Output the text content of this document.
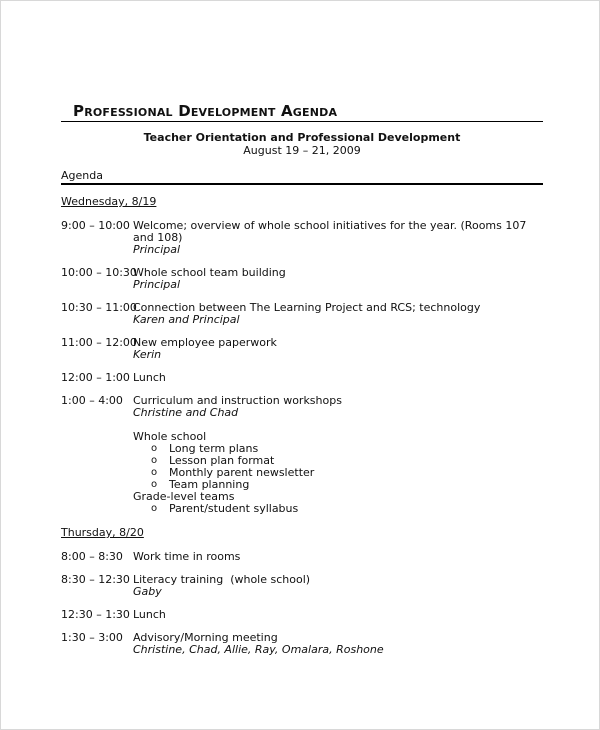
Professional Development Agenda
Teacher Orientation and Professional Development
August 19 – 21, 2009
Agenda
Wednesday, 8/19
9:00 – 10:00 Welcome; overview of whole school initiatives for the year. (Rooms 107 and 108)
Principal
10:00 – 10:30
Whole school team building
Principal
10:30 – 11:00
Connection between The Learning Project and RCS; technology
Karen and Principal
11:00 – 12:00
New employee paperwork
Kerin
12:00 – 1:00 Lunch
1:00 – 4:00 Curriculum and instruction workshops
Christine and Chad
Whole school
o Long term plans
o Lesson plan format
o Monthly parent newsletter
o Team planning
Grade-level teams
o Parent/student syllabus
Thursday, 8/20
8:00 – 8:30 Work time in rooms
8:30 – 12:30 Literacy training  (whole school)
Gaby
12:30 – 1:30 Lunch
1:30 – 3:00 Advisory/Morning meeting
Christine, Chad, Allie, Ray, Omalara, Roshone
